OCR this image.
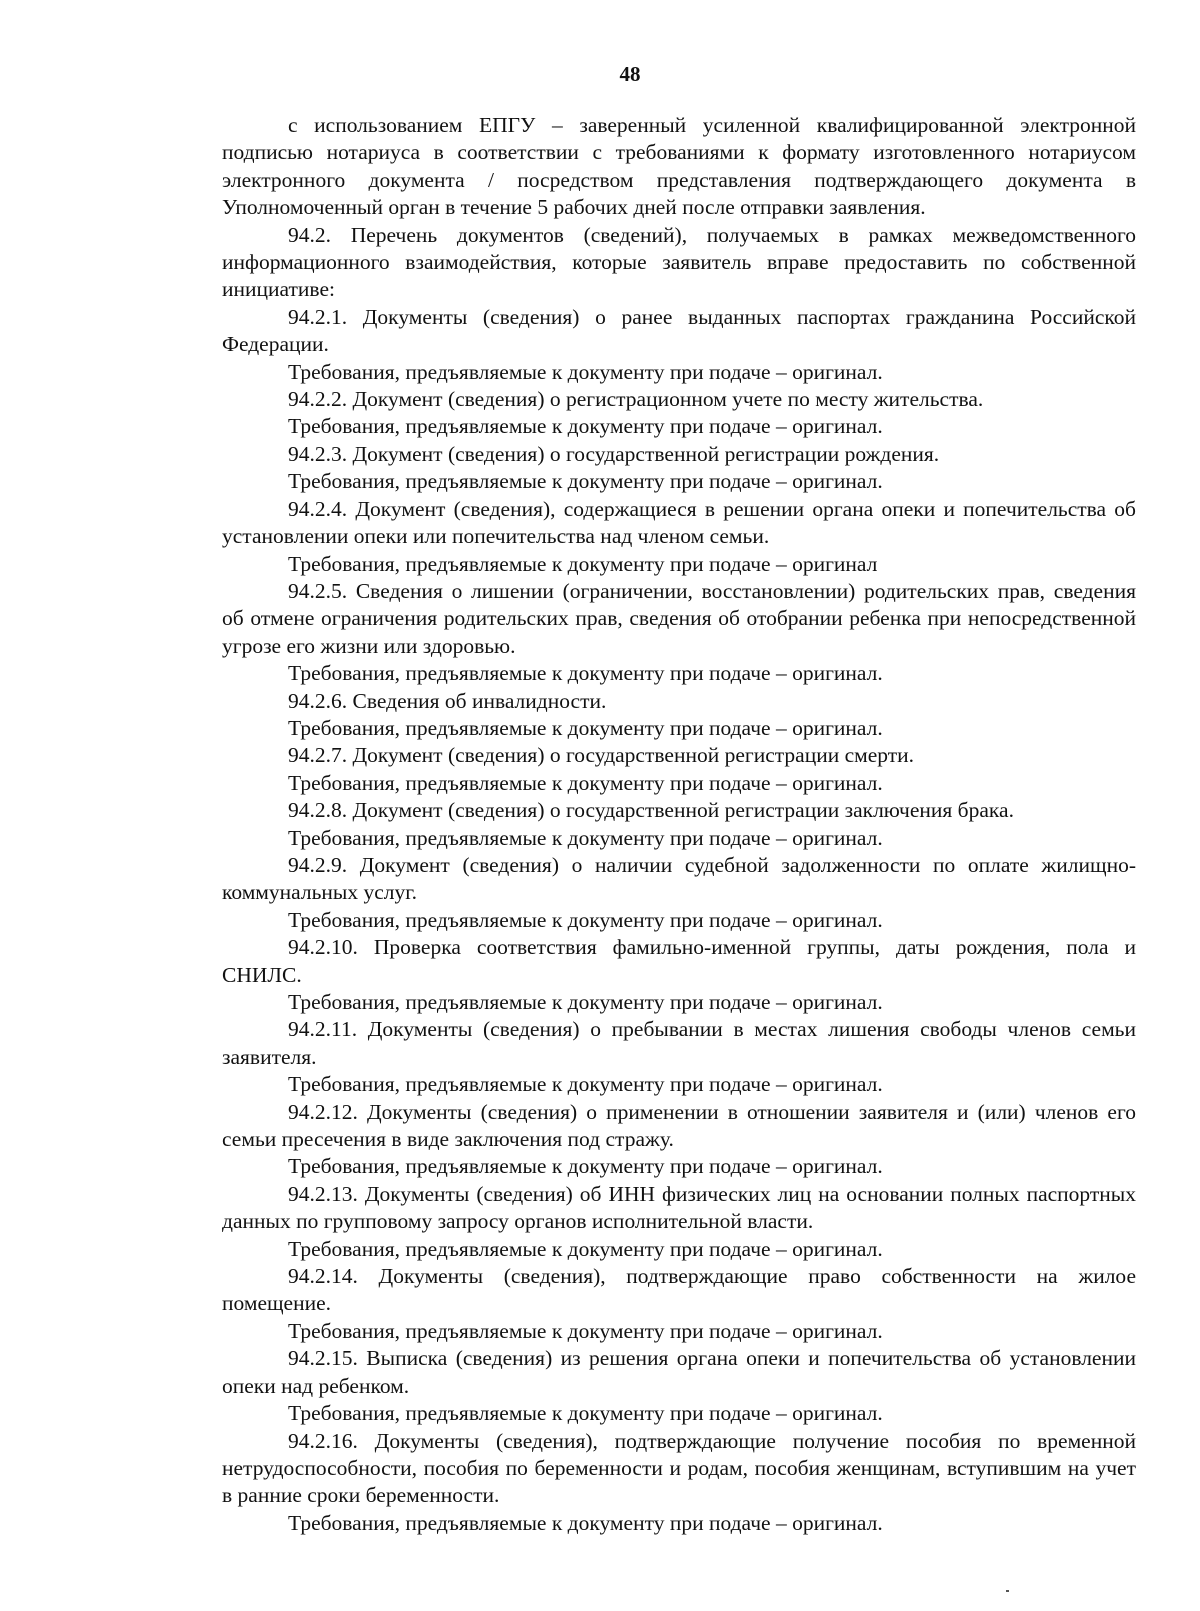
48

с использованием ЕПГУ – заверенный усиленной квалифицированной электронной подписью нотариуса в соответствии с требованиями к формату изготовленного нотариусом электронного документа / посредством представления подтверждающего документа в Уполномоченный орган в течение 5 рабочих дней после отправки заявления.

94.2. Перечень документов (сведений), получаемых в рамках межведомственного информационного взаимодействия, которые заявитель вправе предоставить по собственной инициативе:

94.2.1. Документы (сведения) о ранее выданных паспортах гражданина Российской Федерации.

Требования, предъявляемые к документу при подаче – оригинал.

94.2.2. Документ (сведения) о регистрационном учете по месту жительства.

Требования, предъявляемые к документу при подаче – оригинал.

94.2.3. Документ (сведения) о государственной регистрации рождения.

Требования, предъявляемые к документу при подаче – оригинал.

94.2.4. Документ (сведения), содержащиеся в решении органа опеки и попечительства об установлении опеки или попечительства над членом семьи.

Требования, предъявляемые к документу при подаче – оригинал

94.2.5. Сведения о лишении (ограничении, восстановлении) родительских прав, сведения об отмене ограничения родительских прав, сведения об отобрании ребенка при непосредственной угрозе его жизни или здоровью.

Требования, предъявляемые к документу при подаче – оригинал.

94.2.6. Сведения об инвалидности.

Требования, предъявляемые к документу при подаче – оригинал.

94.2.7. Документ (сведения) о государственной регистрации смерти.

Требования, предъявляемые к документу при подаче – оригинал.

94.2.8. Документ (сведения) о государственной регистрации заключения брака.

Требования, предъявляемые к документу при подаче – оригинал.

94.2.9. Документ (сведения) о наличии судебной задолженности по оплате жилищно-коммунальных услуг.

Требования, предъявляемые к документу при подаче – оригинал.

94.2.10. Проверка соответствия фамильно-именной группы, даты рождения, пола и СНИЛС.

Требования, предъявляемые к документу при подаче – оригинал.

94.2.11. Документы (сведения) о пребывании в местах лишения свободы членов семьи заявителя.

Требования, предъявляемые к документу при подаче – оригинал.

94.2.12. Документы (сведения) о применении в отношении заявителя и (или) членов его семьи пресечения в виде заключения под стражу.

Требования, предъявляемые к документу при подаче – оригинал.

94.2.13. Документы (сведения) об ИНН физических лиц на основании полных паспортных данных по групповому запросу органов исполнительной власти.

Требования, предъявляемые к документу при подаче – оригинал.

94.2.14. Документы (сведения), подтверждающие право собственности на жилое помещение.

Требования, предъявляемые к документу при подаче – оригинал.

94.2.15. Выписка (сведения) из решения органа опеки и попечительства об установлении опеки над ребенком.

Требования, предъявляемые к документу при подаче – оригинал.

94.2.16. Документы (сведения), подтверждающие получение пособия по временной нетрудоспособности, пособия по беременности и родам, пособия женщинам, вступившим на учет в ранние сроки беременности.

Требования, предъявляемые к документу при подаче – оригинал.
